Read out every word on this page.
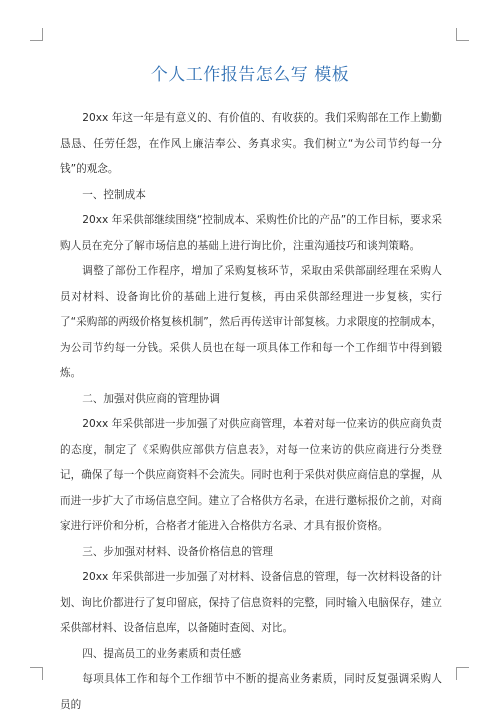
个人工作报告怎么写 模板

20xx 年这一年是有意义的、有价值的、有收获的。我们采购部在工作上勤勤恳恳、任劳任怨，在作风上廉洁奉公、务真求实。我们树立“为公司节约每一分钱”的观念。

一、控制成本

20xx 年采供部继续围绕“控制成本、采购性价比的产品”的工作目标，要求采购人员在充分了解市场信息的基础上进行询比价，注重沟通技巧和谈判策略。

调整了部份工作程序，增加了采购复核环节，采取由采供部副经理在采购人员对材料、设备询比价的基础上进行复核，再由采供部经理进一步复核，实行了“采购部的两级价格复核机制”，然后再传送审计部复核。力求限度的控制成本，为公司节约每一分钱。采供人员也在每一项具体工作和每一个工作细节中得到锻炼。

二、加强对供应商的管理协调

20xx 年采供部进一步加强了对供应商管理，本着对每一位来访的供应商负责的态度，制定了《采购供应部供方信息表》，对每一位来访的供应商进行分类登记，确保了每一个供应商资料不会流失。同时也利于采供对供应商信息的掌握，从而进一步扩大了市场信息空间。建立了合格供方名录，在进行邀标报价之前，对商家进行评价和分析，合格者才能进入合格供方名录、才具有报价资格。

三、步加强对材料、设备价格信息的管理

20xx 年采供部进一步加强了对材料、设备信息的管理，每一次材料设备的计划、询比价都进行了复印留底，保持了信息资料的完整，同时输入电脑保存，建立采供部材料、设备信息库，以备随时查阅、对比。

四、提高员工的业务素质和责任感

每项具体工作和每个工作细节中不断的提高业务素质，同时反复强调采购人员的
